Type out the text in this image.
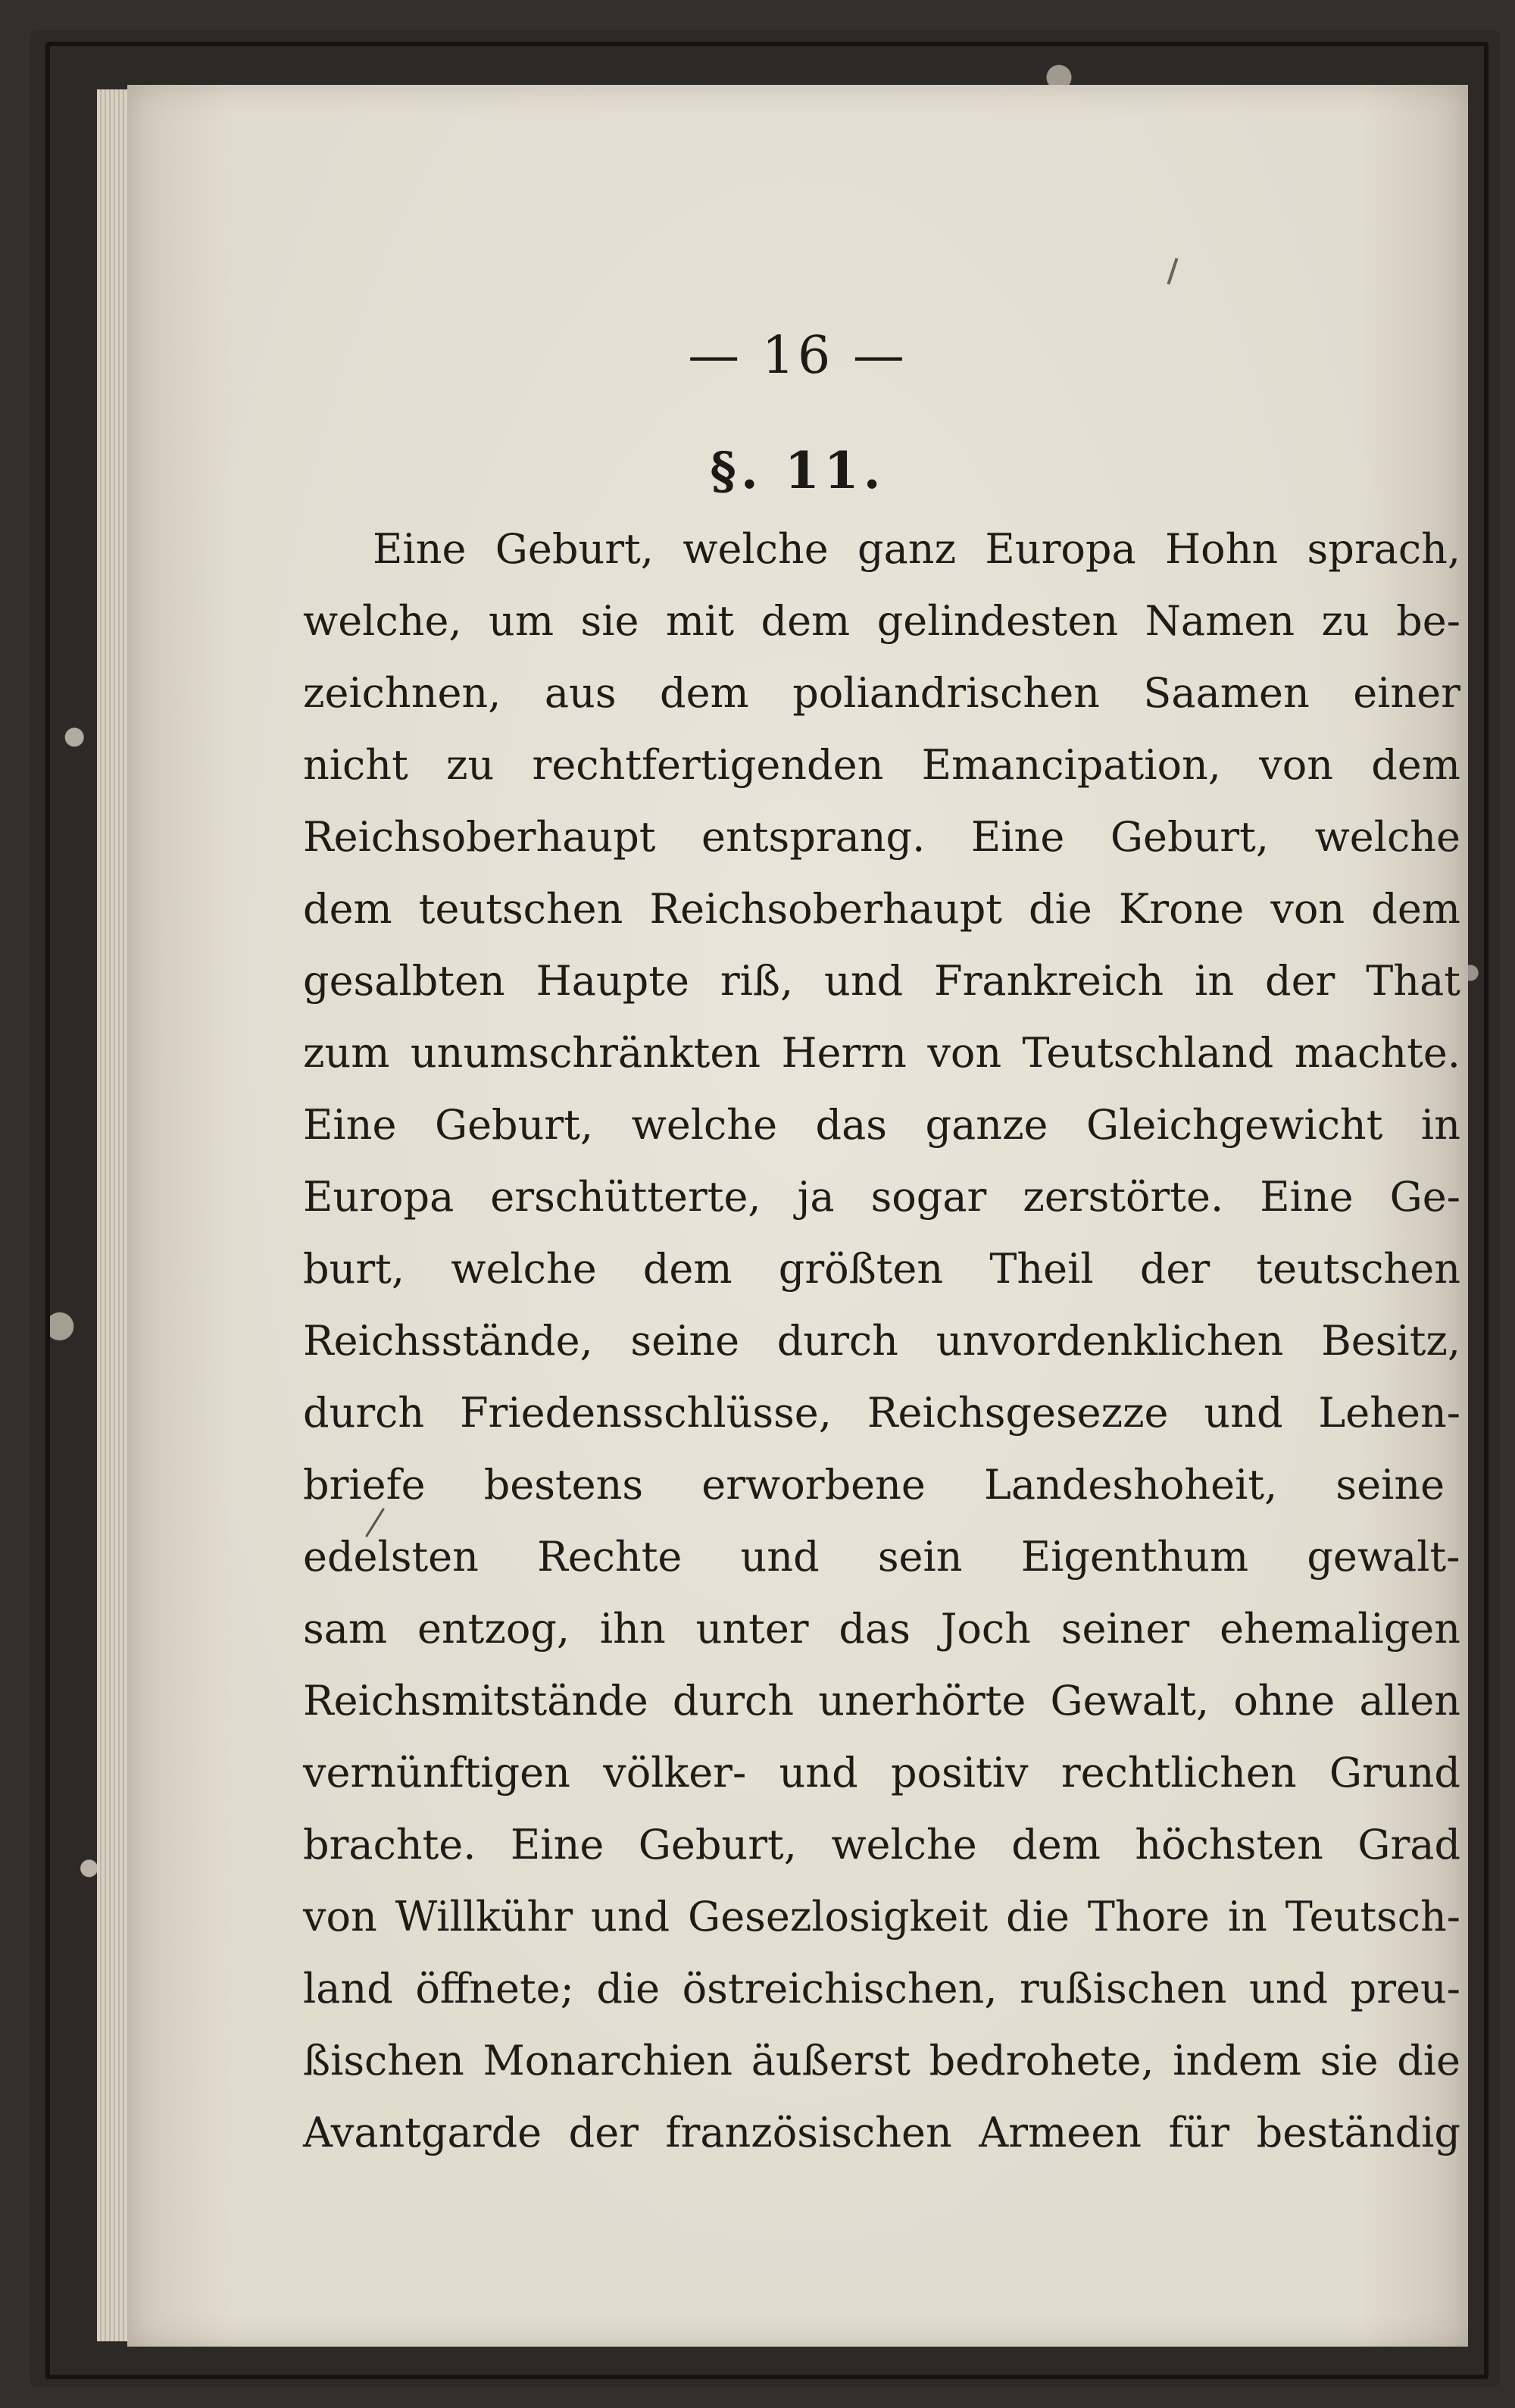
— 16 —
§. 11.
Eine Geburt, welche ganz Europa Hohn sprach,
welche, um sie mit dem gelindesten Namen zu be-
zeichnen, aus dem poliandrischen Saamen einer
nicht zu rechtfertigenden Emancipation, von dem
Reichsoberhaupt entsprang. Eine Geburt, welche
dem teutschen Reichsoberhaupt die Krone von dem
gesalbten Haupte riß, und Frankreich in der That
zum unumschränkten Herrn von Teutschland machte.
Eine Geburt, welche das ganze Gleichgewicht in
Europa erschütterte, ja sogar zerstörte. Eine Ge-
burt, welche dem größten Theil der teutschen
Reichsstände, seine durch unvordenklichen Besitz,
durch Friedensschlüsse, Reichsgesezze und Lehen-
briefe bestens erworbene Landeshoheit, seine
edelsten Rechte und sein Eigenthum gewalt-
sam entzog, ihn unter das Joch seiner ehemaligen
Reichsmitstände durch unerhörte Gewalt, ohne allen
vernünftigen völker- und positiv rechtlichen Grund
brachte. Eine Geburt, welche dem höchsten Grad
von Willkühr und Gesezlosigkeit die Thore in Teutsch-
land öffnete; die östreichischen, rußischen und preu-
ßischen Monarchien äußerst bedrohete, indem sie die
Avantgarde der französischen Armeen für beständig
